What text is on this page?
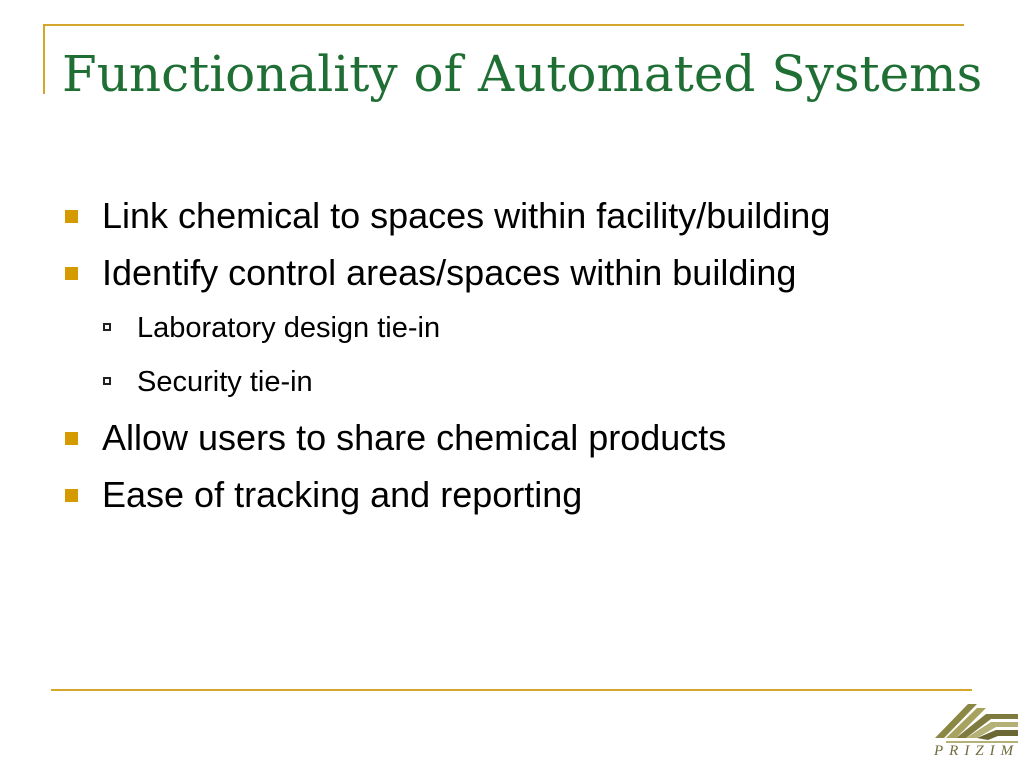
Functionality of Automated Systems
Link chemical to spaces within facility/building
Identify control areas/spaces within building
Laboratory design tie-in
Security tie-in
Allow users to share chemical products
Ease of tracking and reporting
PRIZIM
